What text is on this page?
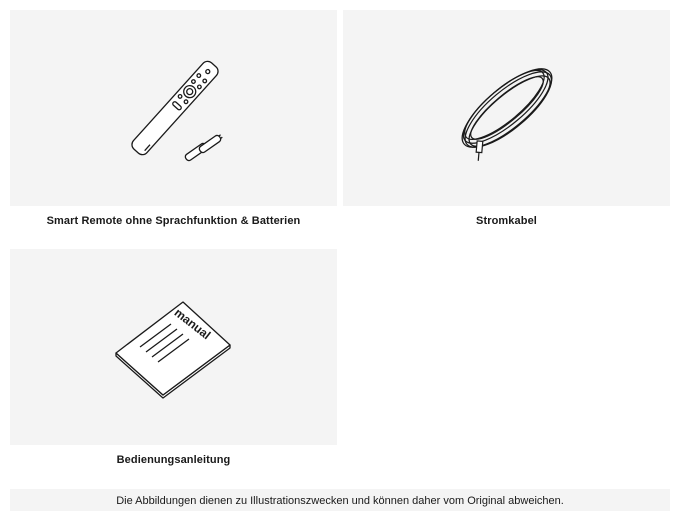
Smart Remote ohne Sprachfunktion & Batterien	Stromkabel
manual
Bedienungsanleitung
Die Abbildungen dienen zu Illustrationszwecken und können daher vom Original abweichen.
